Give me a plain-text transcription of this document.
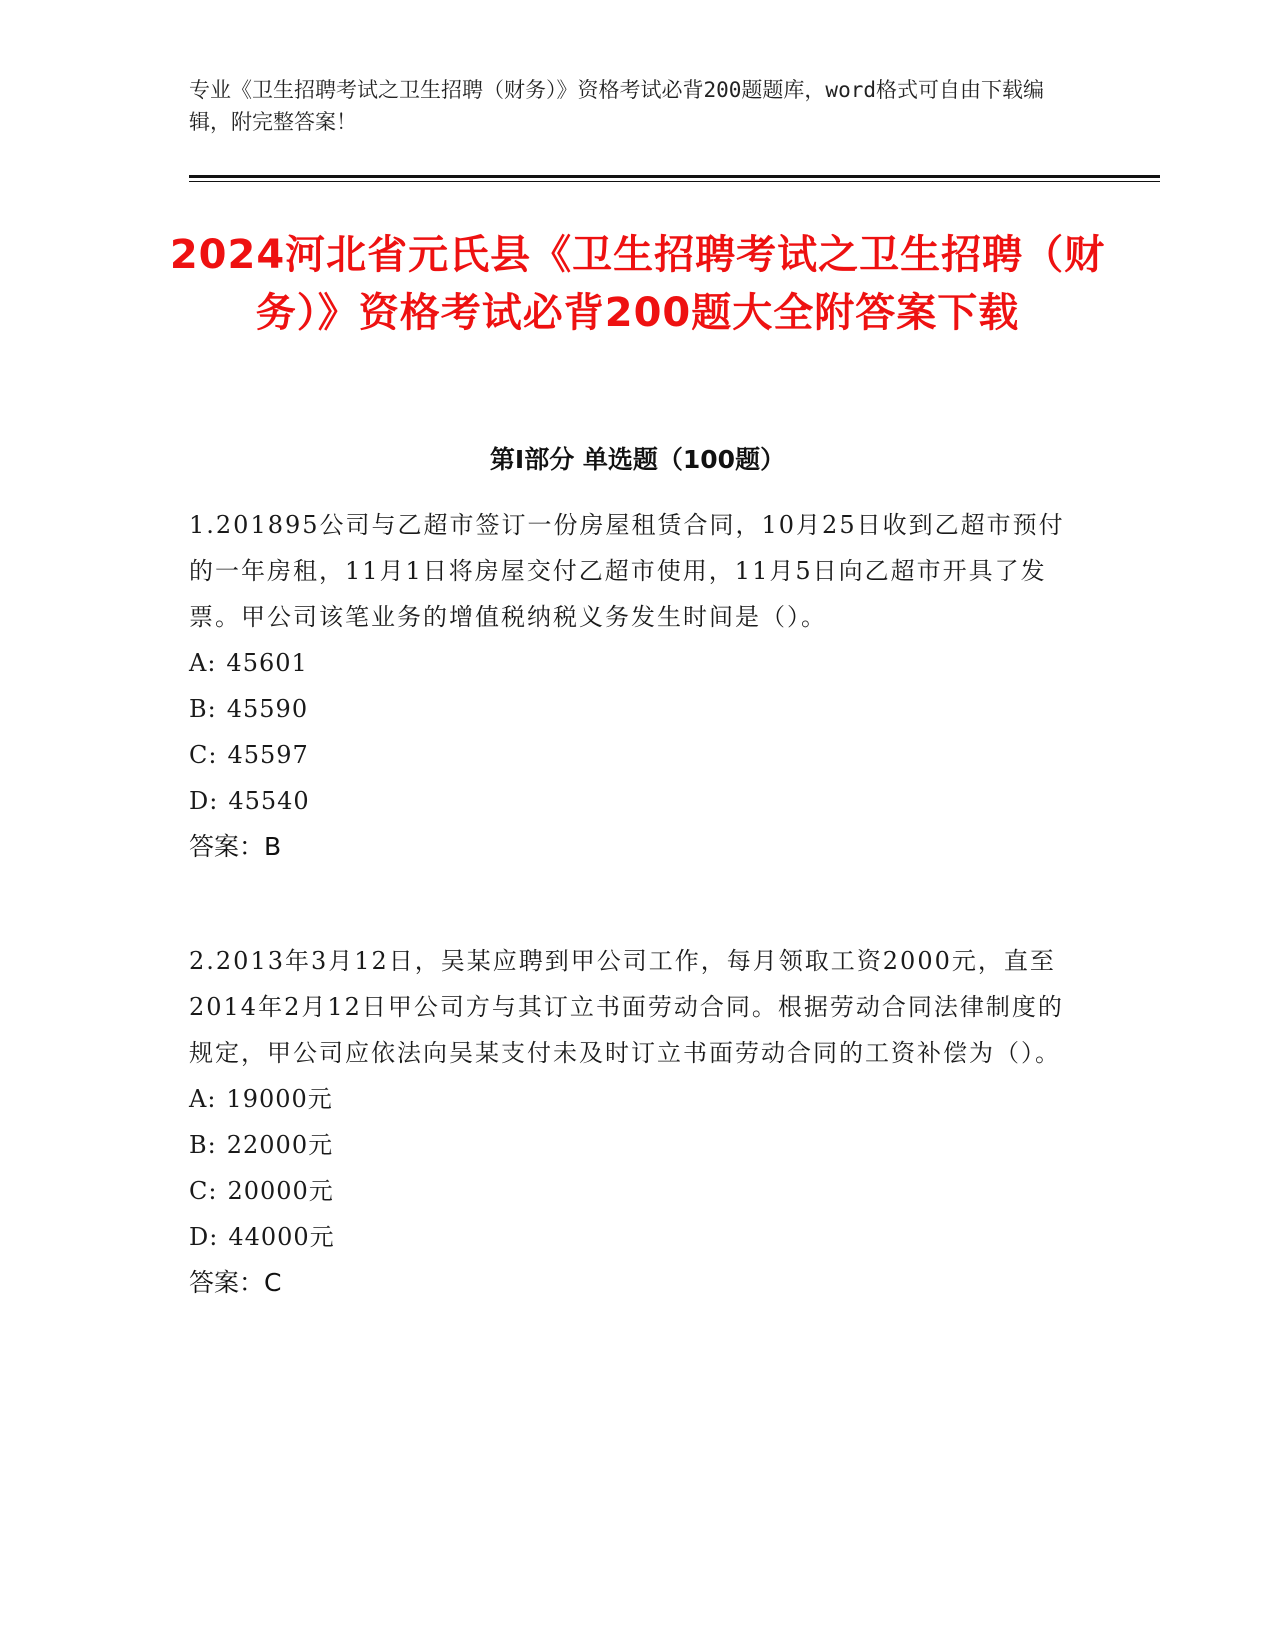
专业《卫生招聘考试之卫生招聘（财务）》资格考试必背200题题库，word格式可自由下载编辑，附完整答案！
2024河北省元氏县《卫生招聘考试之卫生招聘（财务）》资格考试必背200题大全附答案下载
第I部分 单选题（100题）

1.201895公司与乙超市签订一份房屋租赁合同，10月25日收到乙超市预付的一年房租，11月1日将房屋交付乙超市使用，11月5日向乙超市开具了发票。甲公司该笔业务的增值税纳税义务发生时间是（）。

A: 45601
B: 45590
C: 45597
D: 45540
答案：B

2.2013年3月12日，吴某应聘到甲公司工作，每月领取工资2000元，直至2014年2月12日甲公司方与其订立书面劳动合同。根据劳动合同法律制度的规定，甲公司应依法向吴某支付未及时订立书面劳动合同的工资补偿为（）。

A: 19000元
B: 22000元
C: 20000元
D: 44000元
答案：C
